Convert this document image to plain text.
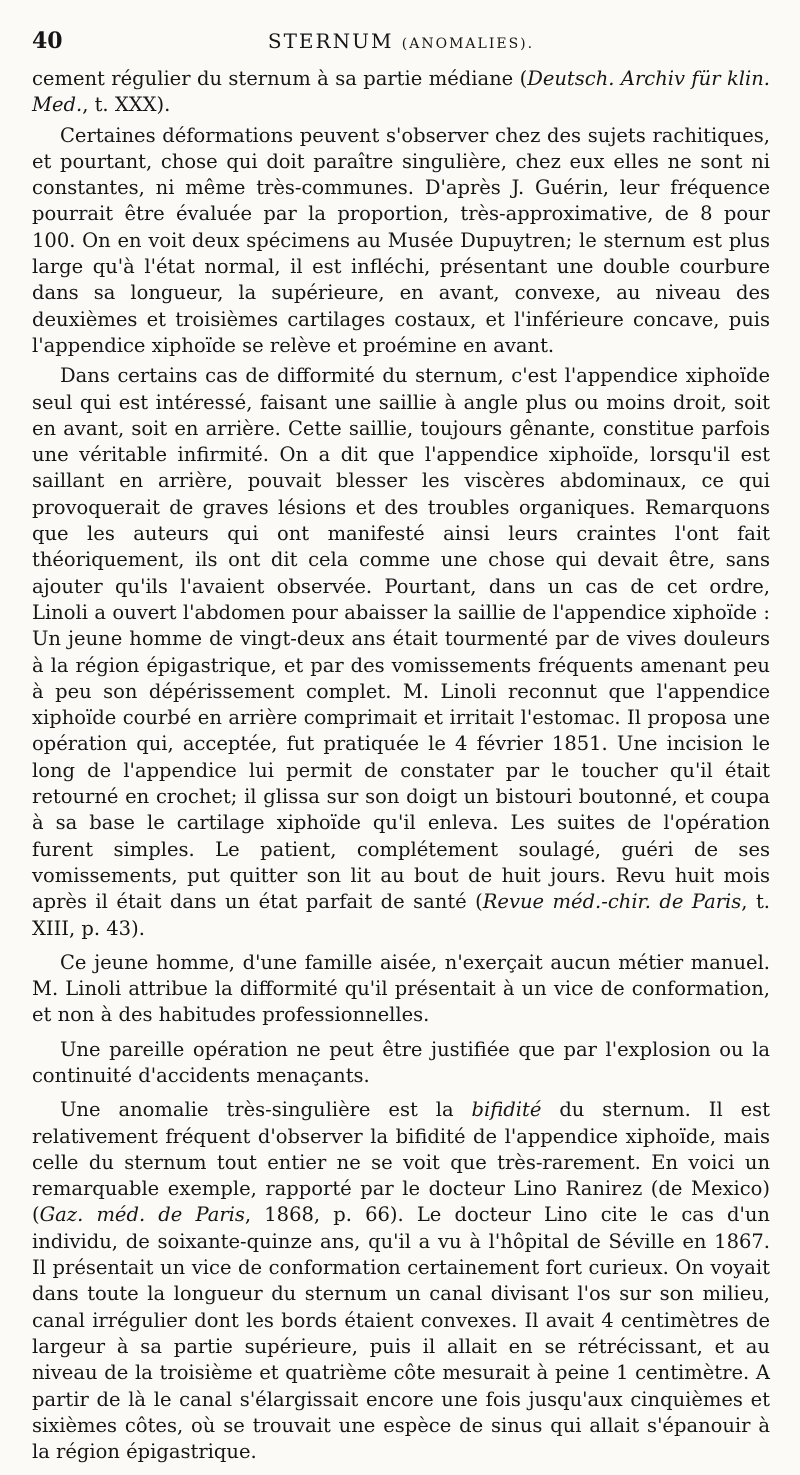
40	STERNUM (ANOMALIES).

cement régulier du sternum à sa partie médiane (Deutsch. Archiv für klin. Med., t. XXX).

Certaines déformations peuvent s'observer chez des sujets rachitiques, et pourtant, chose qui doit paraître singulière, chez eux elles ne sont ni constantes, ni même très-communes. D'après J. Guérin, leur fréquence pourrait être évaluée par la proportion, très-approximative, de 8 pour 100. On en voit deux spécimens au Musée Dupuytren; le sternum est plus large qu'à l'état normal, il est infléchi, présentant une double courbure dans sa longueur, la supérieure, en avant, convexe, au niveau des deuxièmes et troisièmes cartilages costaux, et l'inférieure concave, puis l'appendice xiphoïde se relève et proémine en avant.

Dans certains cas de difformité du sternum, c'est l'appendice xiphoïde seul qui est intéressé, faisant une saillie à angle plus ou moins droit, soit en avant, soit en arrière. Cette saillie, toujours gênante, constitue parfois une véritable infirmité. On a dit que l'appendice xiphoïde, lorsqu'il est saillant en arrière, pouvait blesser les viscères abdominaux, ce qui provoquerait de graves lésions et des troubles organiques. Remarquons que les auteurs qui ont manifesté ainsi leurs craintes l'ont fait théoriquement, ils ont dit cela comme une chose qui devait être, sans ajouter qu'ils l'avaient observée. Pourtant, dans un cas de cet ordre, Linoli a ouvert l'abdomen pour abaisser la saillie de l'appendice xiphoïde : Un jeune homme de vingt-deux ans était tourmenté par de vives douleurs à la région épigastrique, et par des vomissements fréquents amenant peu à peu son dépérissement complet. M. Linoli reconnut que l'appendice xiphoïde courbé en arrière comprimait et irritait l'estomac. Il proposa une opération qui, acceptée, fut pratiquée le 4 février 1851. Une incision le long de l'appendice lui permit de constater par le toucher qu'il était retourné en crochet; il glissa sur son doigt un bistouri boutonné, et coupa à sa base le cartilage xiphoïde qu'il enleva. Les suites de l'opération furent simples. Le patient, complétement soulagé, guéri de ses vomissements, put quitter son lit au bout de huit jours. Revu huit mois après il était dans un état parfait de santé (Revue méd.-chir. de Paris, t. XIII, p. 43).

Ce jeune homme, d'une famille aisée, n'exerçait aucun métier manuel. M. Linoli attribue la difformité qu'il présentait à un vice de conformation, et non à des habitudes professionnelles.

Une pareille opération ne peut être justifiée que par l'explosion ou la continuité d'accidents menaçants.

Une anomalie très-singulière est la bifidité du sternum. Il est relativement fréquent d'observer la bifidité de l'appendice xiphoïde, mais celle du sternum tout entier ne se voit que très-rarement. En voici un remarquable exemple, rapporté par le docteur Lino Ranirez (de Mexico) (Gaz. méd. de Paris, 1868, p. 66). Le docteur Lino cite le cas d'un individu, de soixante-quinze ans, qu'il a vu à l'hôpital de Séville en 1867. Il présentait un vice de conformation certainement fort curieux. On voyait dans toute la longueur du sternum un canal divisant l'os sur son milieu, canal irrégulier dont les bords étaient convexes. Il avait 4 centimètres de largeur à sa partie supérieure, puis il allait en se rétrécissant, et au niveau de la troisième et quatrième côte mesurait à peine 1 centimètre. A partir de là le canal s'élargissait encore une fois jusqu'aux cinquièmes et sixièmes côtes, où se trouvait une espèce de sinus qui allait s'épanouir à la région épigastrique.
